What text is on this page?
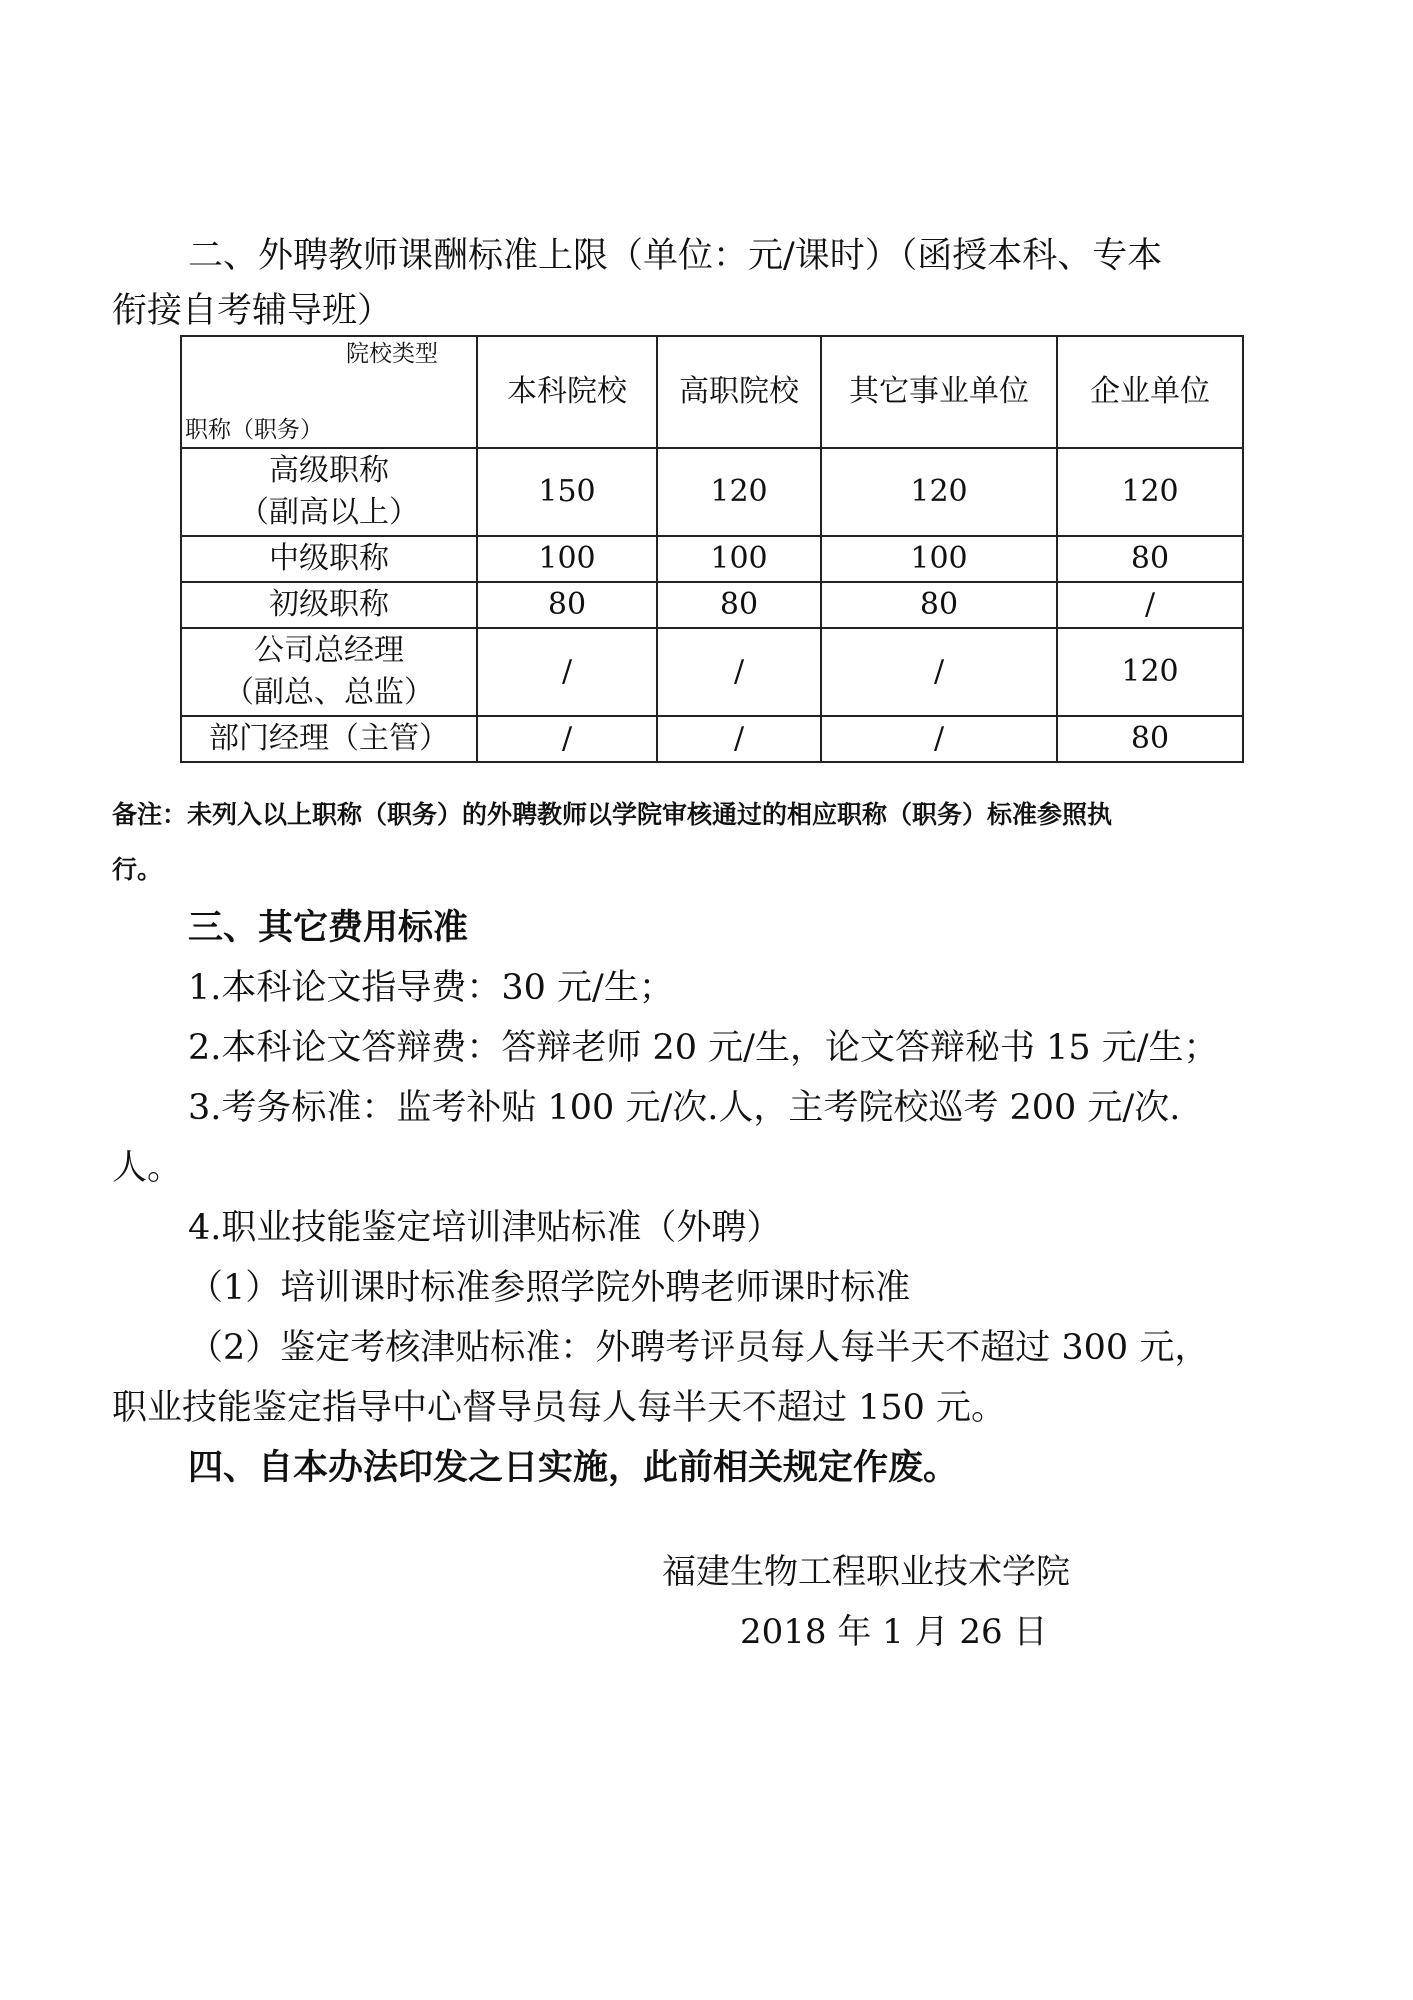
二、外聘教师课酬标准上限（单位：元/课时）（函授本科、专本
衔接自考辅导班）
院校类型
职称（职务）	本科院校	高职院校	其它事业单位	企业单位

高级职称
（副高以上）	150	120	120	120

中级职称	100	100	100	80

初级职称	80	80	80	/

公司总经理
（副总、总监）	/	/	/	120

部门经理（主管）	/	/	/	80
备注：未列入以上职称（职务）的外聘教师以学院审核通过的相应职称（职务）标准参照执
行。
三、其它费用标准
1.本科论文指导费：30 元/生；
2.本科论文答辩费：答辩老师 20 元/生，论文答辩秘书 15 元/生；
3.考务标准：监考补贴 100 元/次.人，主考院校巡考 200 元/次.
人。
4.职业技能鉴定培训津贴标准（外聘）
（1）培训课时标准参照学院外聘老师课时标准
（2）鉴定考核津贴标准：外聘考评员每人每半天不超过 300 元，
职业技能鉴定指导中心督导员每人每半天不超过 150 元。
四、自本办法印发之日实施，此前相关规定作废。
福建生物工程职业技术学院
2018 年 1 月 26 日
